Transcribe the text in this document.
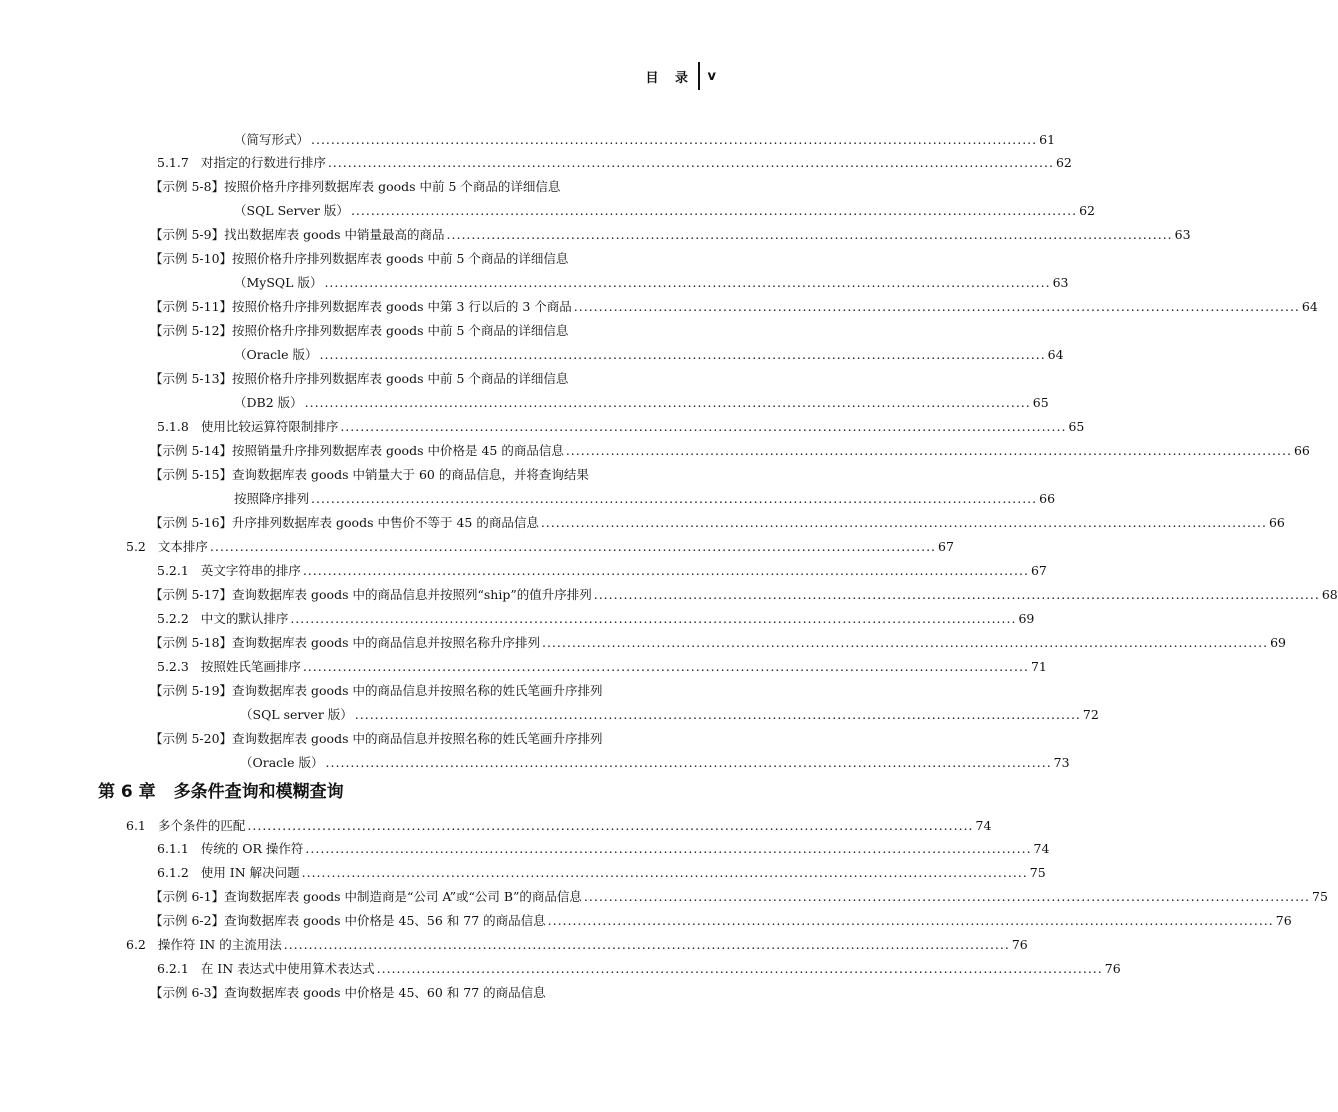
目 录 v
（简写形式） .................................................................................................................................................. 61
5.1.7 对指定的行数进行排序 .................................................................................................................................................. 62
【示例 5-8】按照价格升序排列数据库表 goods 中前 5 个商品的详细信息
（SQL Server 版） .................................................................................................................................................. 62
【示例 5-9】找出数据库表 goods 中销量最高的商品 .................................................................................................................................................. 63
【示例 5-10】按照价格升序排列数据库表 goods 中前 5 个商品的详细信息
（MySQL 版） .................................................................................................................................................. 63
【示例 5-11】按照价格升序排列数据库表 goods 中第 3 行以后的 3 个商品 .................................................................................................................................................. 64
【示例 5-12】按照价格升序排列数据库表 goods 中前 5 个商品的详细信息
（Oracle 版） .................................................................................................................................................. 64
【示例 5-13】按照价格升序排列数据库表 goods 中前 5 个商品的详细信息
（DB2 版） .................................................................................................................................................. 65
5.1.8 使用比较运算符限制排序 .................................................................................................................................................. 65
【示例 5-14】按照销量升序排列数据库表 goods 中价格是 45 的商品信息 .................................................................................................................................................. 66
【示例 5-15】查询数据库表 goods 中销量大于 60 的商品信息，并将查询结果
按照降序排列 .................................................................................................................................................. 66
【示例 5-16】升序排列数据库表 goods 中售价不等于 45 的商品信息 .................................................................................................................................................. 66
5.2 文本排序 .................................................................................................................................................. 67
5.2.1 英文字符串的排序 .................................................................................................................................................. 67
【示例 5-17】查询数据库表 goods 中的商品信息并按照列“ship”的值升序排列 .................................................................................................................................................. 68
5.2.2 中文的默认排序 .................................................................................................................................................. 69
【示例 5-18】查询数据库表 goods 中的商品信息并按照名称升序排列 .................................................................................................................................................. 69
5.2.3 按照姓氏笔画排序 .................................................................................................................................................. 71
【示例 5-19】查询数据库表 goods 中的商品信息并按照名称的姓氏笔画升序排列
（SQL server 版） .................................................................................................................................................. 72
【示例 5-20】查询数据库表 goods 中的商品信息并按照名称的姓氏笔画升序排列
（Oracle 版） .................................................................................................................................................. 73
第 6 章 多条件查询和模糊查询
6.1 多个条件的匹配 .................................................................................................................................................. 74
6.1.1 传统的 OR 操作符 .................................................................................................................................................. 74
6.1.2 使用 IN 解决问题 .................................................................................................................................................. 75
【示例 6-1】查询数据库表 goods 中制造商是“公司 A”或“公司 B”的商品信息 .................................................................................................................................................. 75
【示例 6-2】查询数据库表 goods 中价格是 45、56 和 77 的商品信息 .................................................................................................................................................. 76
6.2 操作符 IN 的主流用法 .................................................................................................................................................. 76
6.2.1 在 IN 表达式中使用算术表达式 .................................................................................................................................................. 76
【示例 6-3】查询数据库表 goods 中价格是 45、60 和 77 的商品信息
